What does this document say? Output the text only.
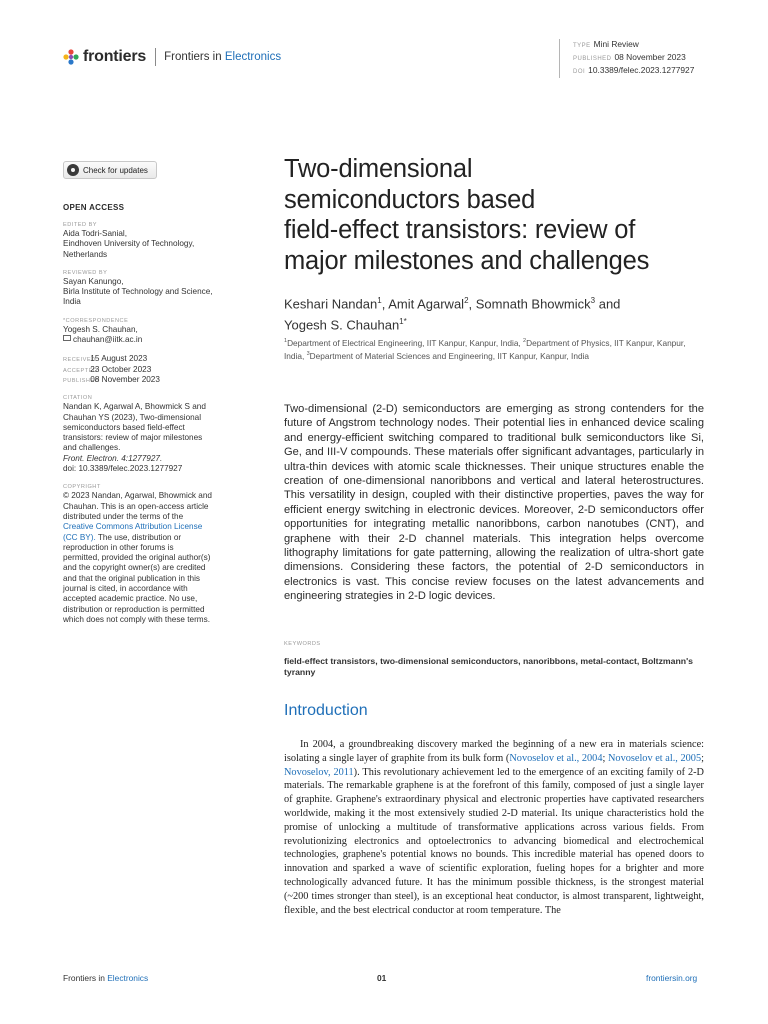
frontiers Frontiers in Electronics
TYPE Mini Review
PUBLISHED 08 November 2023
DOI 10.3389/felec.2023.1277927
Check for updates
OPEN ACCESS
EDITED BY
Aida Todri-Sanial,
Eindhoven University of Technology,
Netherlands
REVIEWED BY
Sayan Kanungo,
Birla Institute of Technology and Science,
India
*CORRESPONDENCE
Yogesh S. Chauhan,
chauhan@iitk.ac.in
RECEIVED 15 August 2023
ACCEPTED 23 October 2023
PUBLISHED 08 November 2023
CITATION
Nandan K, Agarwal A, Bhowmick S and
Chauhan YS (2023), Two-dimensional
semiconductors based field-effect
transistors: review of major milestones
and challenges.
Front. Electron. 4:1277927.
doi: 10.3389/felec.2023.1277927
COPYRIGHT
© 2023 Nandan, Agarwal, Bhowmick and
Chauhan. This is an open-access article
distributed under the terms of the
Creative Commons Attribution License
(CC BY). The use, distribution or
reproduction in other forums is
permitted, provided the original author(s)
and the copyright owner(s) are credited
and that the original publication in this
journal is cited, in accordance with
accepted academic practice. No use,
distribution or reproduction is permitted
which does not comply with these terms.
Two-dimensional
semiconductors based
field-effect transistors: review of
major milestones and challenges
Keshari Nandan$^1$, Amit Agarwal$^2$, Somnath Bhowmick$^3$ and
Yogesh S. Chauhan$^{1*}$
$^1$Department of Electrical Engineering, IIT Kanpur, Kanpur, India, $^2$Department of Physics, IIT Kanpur, Kanpur, India, $^3$Department of Material Sciences and Engineering, IIT Kanpur, Kanpur, India
Two-dimensional (2-D) semiconductors are emerging as strong contenders for the future of Angstrom technology nodes. Their potential lies in enhanced device scaling and energy-efficient switching compared to traditional bulk semiconductors like Si, Ge, and III-V compounds. These materials offer significant advantages, particularly in ultra-thin devices with atomic scale thicknesses. Their unique structures enable the creation of one-dimensional nanoribbons and vertical and lateral heterostructures. This versatility in design, coupled with their distinctive properties, paves the way for efficient energy switching in electronic devices. Moreover, 2-D semiconductors offer opportunities for integrating metallic nanoribbons, carbon nanotubes (CNT), and graphene with their 2-D channel materials. This integration helps overcome lithography limitations for gate patterning, allowing the realization of ultra-short gate dimensions. Considering these factors, the potential of 2-D semiconductors in electronics is vast. This concise review focuses on the latest advancements and engineering strategies in 2-D logic devices.
KEYWORDS
field-effect transistors, two-dimensional semiconductors, nanoribbons, metal-contact, Boltzmann's tyranny
Introduction
In 2004, a groundbreaking discovery marked the beginning of a new era in materials science: isolating a single layer of graphite from its bulk form (Novoselov et al., 2004; Novoselov et al., 2005; Novoselov, 2011). This revolutionary achievement led to the emergence of an exciting family of 2-D materials. The remarkable graphene is at the forefront of this family, composed of just a single layer of graphite. Graphene's extraordinary physical and electronic properties have captivated researchers worldwide, making it the most extensively studied 2-D material. Its unique characteristics hold the promise of unlocking a multitude of transformative applications across various fields. From revolutionizing electronics and optoelectronics to advancing biomedical and electrochemical technologies, graphene's potential knows no bounds. This incredible material has opened doors to innovation and sparked a wave of scientific exploration, fueling hopes for a brighter and more technologically advanced future. It has the minimum possible thickness, is the strongest material (~200 times stronger than steel), is an exceptional heat conductor, is almost transparent, lightweight, flexible, and the best electrical conductor at room temperature. The
Frontiers in Electronics	01	frontiersin.org
